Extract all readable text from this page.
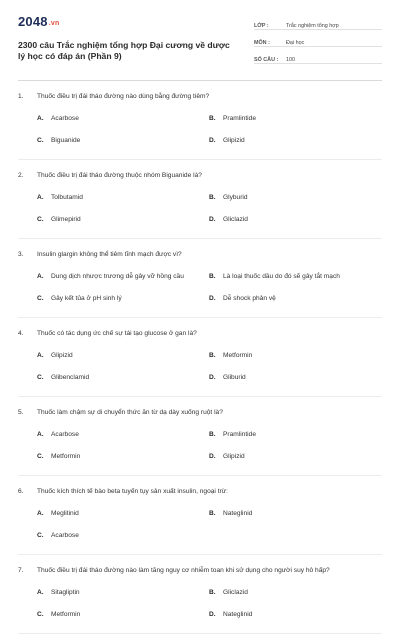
2048.vn
2300 câu Trắc nghiệm tổng hợp Đại cương về dược lý học có đáp án (Phần 9)
LỚP :	Trắc nghiệm tổng hợp
MÔN :	Đại học
SỐ CÂU :	100
1.	Thuốc điều trị đái tháo đường nào dùng bằng đường tiêm?
A.	Acarbose	B.	Pramlintide
C.	Biguanide	D.	Glipizid
2.	Thuốc điều trị đái tháo đường thuộc nhóm Biguanide là?
A.	Tolbutamid	B.	Glyburid
C.	Glimepirid	D.	Gliclazid
3.	Insulin glargin không thể tiêm tĩnh mạch được vì?
A.	Dung dịch nhược trương dễ gây vỡ hồng cầu	B.	Là loại thuốc dầu do đó sẽ gây tắt mạch
C.	Gây kết tủa ở pH sinh lý	D.	Dễ shock phản vệ
4.	Thuốc có tác dụng ức chế sự tái tạo glucose ở gan là?
A.	Glipizid	B.	Metformin
C.	Glibenclamid	D.	Gliburid
5.	Thuốc làm chậm sự di chuyển thức ăn từ dạ dày xuống ruột là?
A.	Acarbose	B.	Pramlintide
C.	Metformin	D.	Glipizid
6.	Thuốc kích thích tế bào beta tuyến tụy sản xuất insulin, ngoại trừ:
A.	Meglitinid	B.	Nateglinid
C.	Acarbose
7.	Thuốc điều trị đái tháo đường nào làm tăng nguy cơ nhiễm toan khi sử dụng cho người suy hô hấp?
A.	Sitagliptin	B.	Gliclazid
C.	Metformin	D.	Nateglinid
